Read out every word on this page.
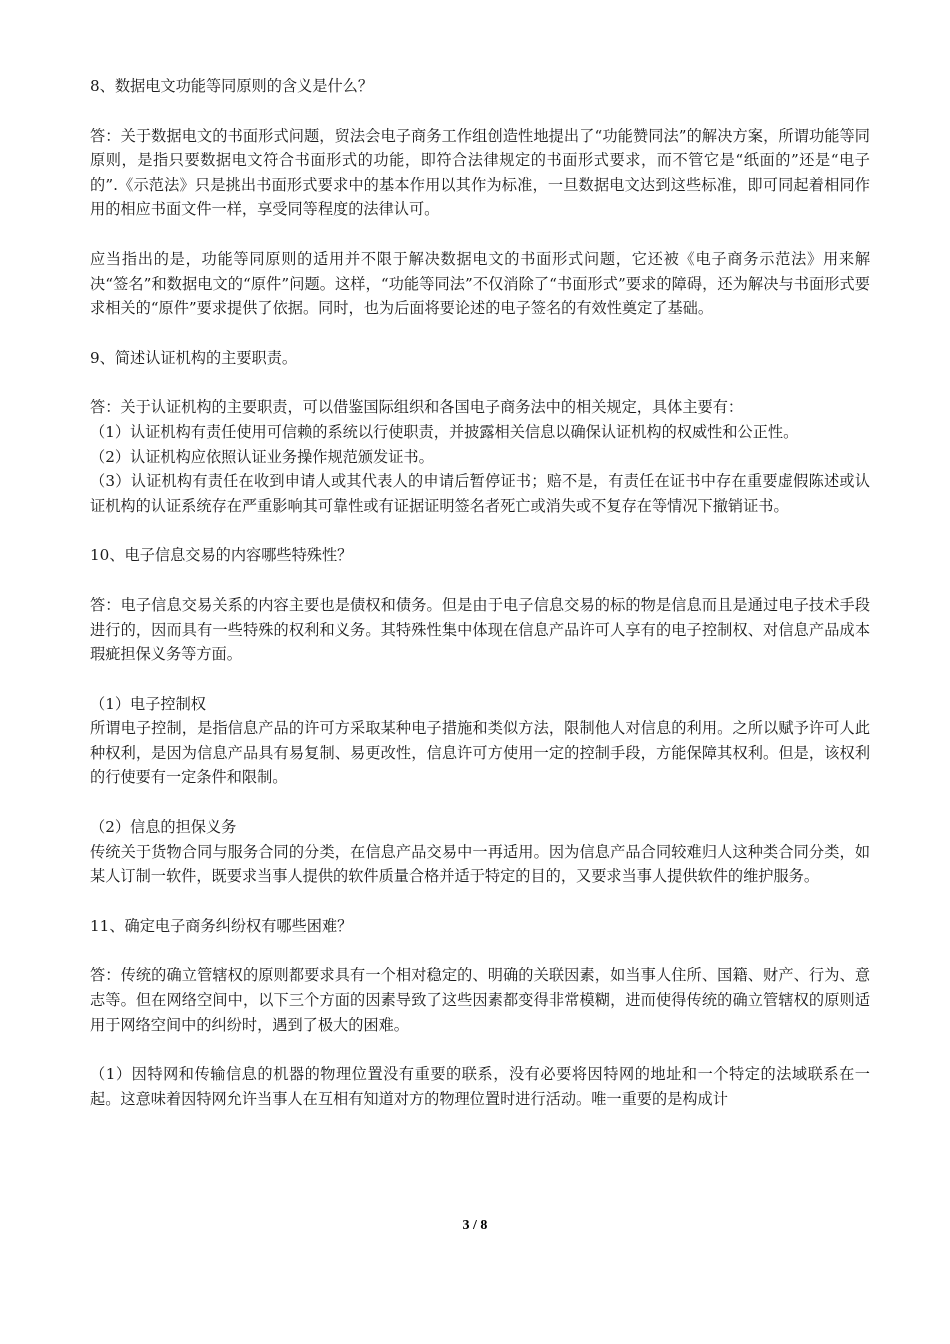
8、数据电文功能等同原则的含义是什么？

答：关于数据电文的书面形式问题，贸法会电子商务工作组创造性地提出了“功能赞同法”的解决方案，所谓功能等同原则，是指只要数据电文符合书面形式的功能，即符合法律规定的书面形式要求，而不管它是“纸面的”还是“电子的”.《示范法》只是挑出书面形式要求中的基本作用以其作为标准，一旦数据电文达到这些标准，即可同起着相同作用的相应书面文件一样，享受同等程度的法律认可。

应当指出的是，功能等同原则的适用并不限于解决数据电文的书面形式问题，它还被《电子商务示范法》用来解决“签名”和数据电文的“原件”问题。这样，“功能等同法”不仅消除了“书面形式”要求的障碍，还为解决与书面形式要求相关的“原件”要求提供了依据。同时，也为后面将要论述的电子签名的有效性奠定了基础。

9、简述认证机构的主要职责。

答：关于认证机构的主要职责，可以借鉴国际组织和各国电子商务法中的相关规定，具体主要有：

（1）认证机构有责任使用可信赖的系统以行使职责，并披露相关信息以确保认证机构的权威性和公正性。

（2）认证机构应依照认证业务操作规范颁发证书。

（3）认证机构有责任在收到申请人或其代表人的申请后暂停证书；赔不是，有责任在证书中存在重要虚假陈述或认证机构的认证系统存在严重影响其可靠性或有证据证明签名者死亡或消失或不复存在等情况下撤销证书。

10、电子信息交易的内容哪些特殊性？

答：电子信息交易关系的内容主要也是债权和债务。但是由于电子信息交易的标的物是信息而且是通过电子技术手段进行的，因而具有一些特殊的权利和义务。其特殊性集中体现在信息产品许可人享有的电子控制权、对信息产品成本瑕疵担保义务等方面。

（1）电子控制权

所谓电子控制，是指信息产品的许可方采取某种电子措施和类似方法，限制他人对信息的利用。之所以赋予许可人此种权利，是因为信息产品具有易复制、易更改性，信息许可方使用一定的控制手段，方能保障其权利。但是，该权利的行使要有一定条件和限制。

（2）信息的担保义务

传统关于货物合同与服务合同的分类，在信息产品交易中一再适用。因为信息产品合同较难归人这种类合同分类，如某人订制一软件，既要求当事人提供的软件质量合格并适于特定的目的，又要求当事人提供软件的维护服务。

11、确定电子商务纠纷权有哪些困难？

答：传统的确立管辖权的原则都要求具有一个相对稳定的、明确的关联因素，如当事人住所、国籍、财产、行为、意志等。但在网络空间中，以下三个方面的因素导致了这些因素都变得非常模糊，进而使得传统的确立管辖权的原则适用于网络空间中的纠纷时，遇到了极大的困难。

（1）因特网和传输信息的机器的物理位置没有重要的联系，没有必要将因特网的地址和一个特定的法域联系在一起。这意味着因特网允许当事人在互相有知道对方的物理位置时进行活动。唯一重要的是构成计

3 / 8
